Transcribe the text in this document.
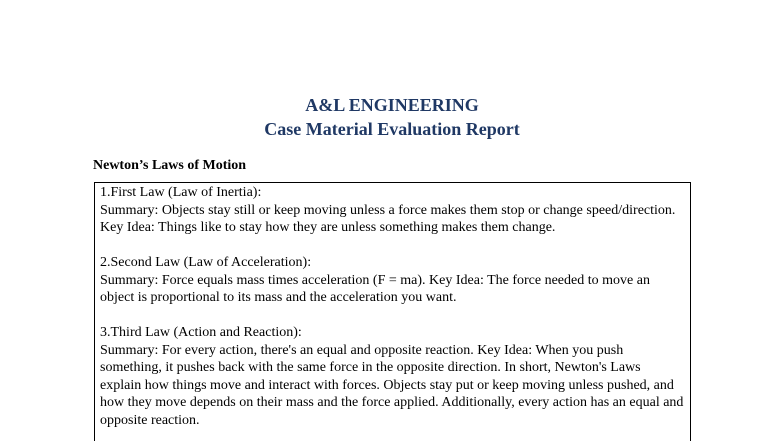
A&L ENGINEERING
Case Material Evaluation Report
Newton’s Laws of Motion

1.First Law (Law of Inertia):

Summary: Objects stay still or keep moving unless a force makes them stop or change speed/direction. Key Idea: Things like to stay how they are unless something makes them change.

2.Second Law (Law of Acceleration):

Summary: Force equals mass times acceleration (F = ma). Key Idea: The force needed to move an object is proportional to its mass and the acceleration you want.

3.Third Law (Action and Reaction):

Summary: For every action, there's an equal and opposite reaction. Key Idea: When you push something, it pushes back with the same force in the opposite direction. In short, Newton's Laws explain how things move and interact with forces. Objects stay put or keep moving unless pushed, and how they move depends on their mass and the force applied. Additionally, every action has an equal and opposite reaction.
